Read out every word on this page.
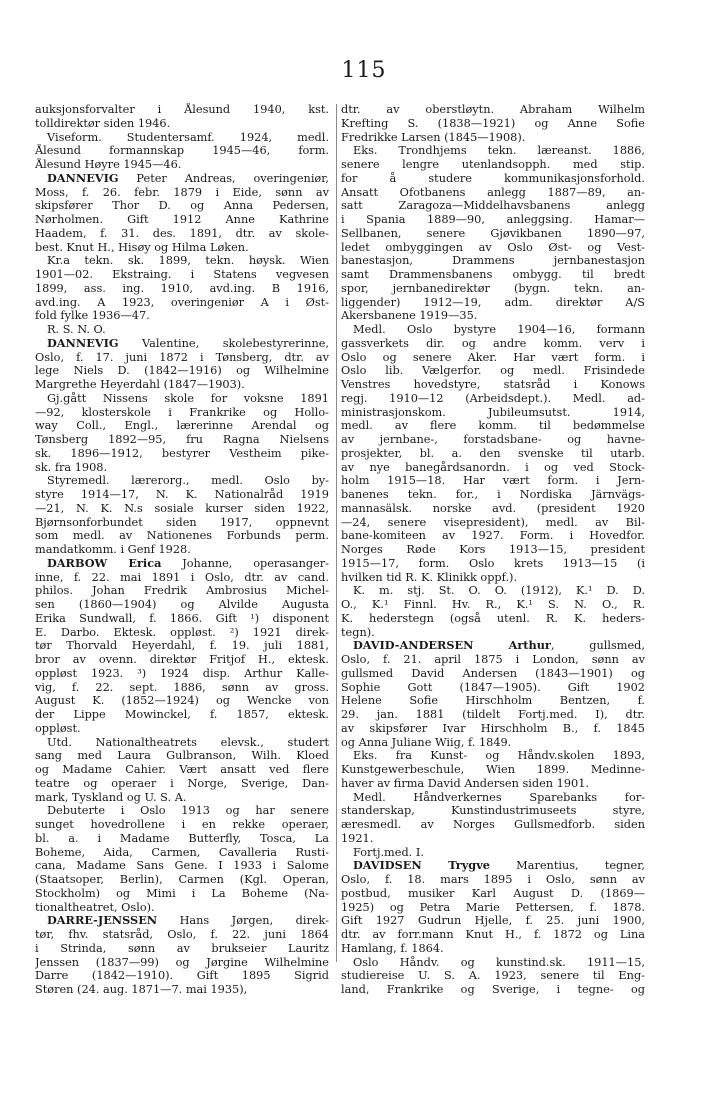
115
auksjonsforvalter i Ålesund 1940, kst.
tolldirektør siden 1946.
Viseform. Studentersamf. 1924, medl.
Ålesund formannskap 1945—46, form.
Ålesund Høyre 1945—46.
DANNEVIG Peter Andreas, overingeniør,
Moss, f. 26. febr. 1879 i Eide, sønn av
skipsfører Thor D. og Anna Pedersen,
Nørholmen. Gift 1912 Anne Kathrine
Haadem, f. 31. des. 1891, dtr. av skole-
best. Knut H., Hisøy og Hilma Løken.
Kr.a tekn. sk. 1899, tekn. høysk. Wien
1901—02. Ekstraing. i Statens vegvesen
1899, ass. ing. 1910, avd.ing. B 1916,
avd.ing. A 1923, overingeniør A i Øst-
fold fylke 1936—47.
R. S. N. O.
DANNEVIG Valentine, skolebestyrerinne,
Oslo, f. 17. juni 1872 i Tønsberg, dtr. av
lege Niels D. (1842—1916) og Wilhelmine
Margrethe Heyerdahl (1847—1903).
Gj.gått Nissens skole for voksne 1891
—92, klosterskole i Frankrike og Hollo-
way Coll., Engl., lærerinne Arendal og
Tønsberg 1892—95, fru Ragna Nielsens
sk. 1896—1912, bestyrer Vestheim pike-
sk. fra 1908.
Styremedl. lærerorg., medl. Oslo by-
styre 1914—17, N. K. Nationalråd 1919
—21, N. K. N.s sosiale kurser siden 1922,
Bjørnsonforbundet siden 1917, oppnevnt
som medl. av Nationenes Forbunds perm.
mandatkomm. i Genf 1928.
DARBOW Erica Johanne, operasanger-
inne, f. 22. mai 1891 i Oslo, dtr. av cand.
philos. Johan Fredrik Ambrosius Michel-
sen (1860—1904) og Alvilde Augusta
Erika Sundwall, f. 1866. Gift ¹) disponent
E. Darbo. Ektesk. oppløst. ²) 1921 direk-
tør Thorvald Heyerdahl, f. 19. juli 1881,
bror av ovenn. direktør Fritjof H., ektesk.
oppløst 1923. ³) 1924 disp. Arthur Kalle-
vig, f. 22. sept. 1886, sønn av gross.
August K. (1852—1924) og Wencke von
der Lippe Mowinckel, f. 1857, ektesk.
oppløst.
Utd. Nationaltheatrets elevsk., studert
sang med Laura Gulbranson, Wilh. Kloed
og Madame Cahier. Vært ansatt ved flere
teatre og operaer i Norge, Sverige, Dan-
mark, Tyskland og U. S. A.
Debuterte i Oslo 1913 og har senere
sunget hovedrollene i en rekke operaer,
bl. a. i Madame Butterfly, Tosca, La
Boheme, Aida, Carmen, Cavalleria Rusti-
cana, Madame Sans Gene. I 1933 i Salome
(Staatsoper, Berlin), Carmen (Kgl. Operan,
Stockholm) og Mimi i La Boheme (Na-
tionaltheatret, Oslo).
DARRE-JENSSEN Hans Jørgen, direk-
tør, fhv. statsråd, Oslo, f. 22. juni 1864
i Strinda, sønn av brukseier Lauritz
Jenssen (1837—99) og Jørgine Wilhelmine
Darre (1842—1910). Gift 1895 Sigrid
Støren (24. aug. 1871—7. mai 1935),
dtr. av oberstløytn. Abraham Wilhelm
Krefting S. (1838—1921) og Anne Sofie
Fredrikke Larsen (1845—1908).
Eks. Trondhjems tekn. læreanst. 1886,
senere lengre utenlandsopph. med stip.
for å studere kommunikasjonsforhold.
Ansatt Ofotbanens anlegg 1887—89, an-
satt Zaragoza—Middelhavsbanens anlegg
i Spania 1889—90, anleggsing. Hamar—
Sellbanen, senere Gjøvikbanen 1890—97,
ledet ombyggingen av Oslo Øst- og Vest-
banestasjon, Drammens jernbanestasjon
samt Drammensbanens ombygg. til bredt
spor, jernbanedirektør (bygn. tekn. an-
liggender) 1912—19, adm. direktør A/S
Akersbanene 1919—35.
Medl. Oslo bystyre 1904—16, formann
gassverkets dir. og andre komm. verv i
Oslo og senere Aker. Har vært form. i
Oslo lib. Vælgerfor. og medl. Frisindede
Venstres hovedstyre, statsråd i Konows
regj. 1910—12 (Arbeidsdept.). Medl. ad-
ministrasjonskom. Jubileumsutst. 1914,
medl. av flere komm. til bedømmelse
av jernbane-, forstadsbane- og havne-
prosjekter, bl. a. den svenske til utarb.
av nye banegårdsanordn. i og ved Stock-
holm 1915—18. Har vært form. i Jern-
banenes tekn. for., i Nordiska Järnvägs-
mannasälsk. norske avd. (president 1920
—24, senere visepresident), medl. av Bil-
bane-komiteen av 1927. Form. i Hovedfor.
Norges Røde Kors 1913—15, president
1915—17, form. Oslo krets 1913—15 (i
hvilken tid R. K. Klinikk oppf.).
K. m. stj. St. O. O. (1912), K.¹ D. D.
O., K.¹ Finnl. Hv. R., K.¹ S. N. O., R.
K. hederstegn (også utenl. R. K. heders-
tegn).
DAVID-ANDERSEN Arthur, gullsmed,
Oslo, f. 21. april 1875 i London, sønn av
gullsmed David Andersen (1843—1901) og
Sophie Gott (1847—1905). Gift 1902
Helene Sofie Hirschholm Bentzen, f.
29. jan. 1881 (tildelt Fortj.med. I), dtr.
av skipsfører Ivar Hirschholm B., f. 1845
og Anna Juliane Wiig, f. 1849.
Eks. fra Kunst- og Håndv.skolen 1893,
Kunstgewerbeschule, Wien 1899. Medinne-
haver av firma David Andersen siden 1901.
Medl. Håndverkernes Sparebanks for-
standerskap, Kunstindustrimuseets styre,
æresmedl. av Norges Gullsmedforb. siden
1921.
Fortj.med. I.
DAVIDSEN Trygve Marentius, tegner,
Oslo, f. 18. mars 1895 i Oslo, sønn av
postbud, musiker Karl August D. (1869—
1925) og Petra Marie Pettersen, f. 1878.
Gift 1927 Gudrun Hjelle, f. 25. juni 1900,
dtr. av forr.mann Knut H., f. 1872 og Lina
Hamlang, f. 1864.
Oslo Håndv. og kunstind.sk. 1911—15,
studiereise U. S. A. 1923, senere til Eng-
land, Frankrike og Sverige, i tegne- og
